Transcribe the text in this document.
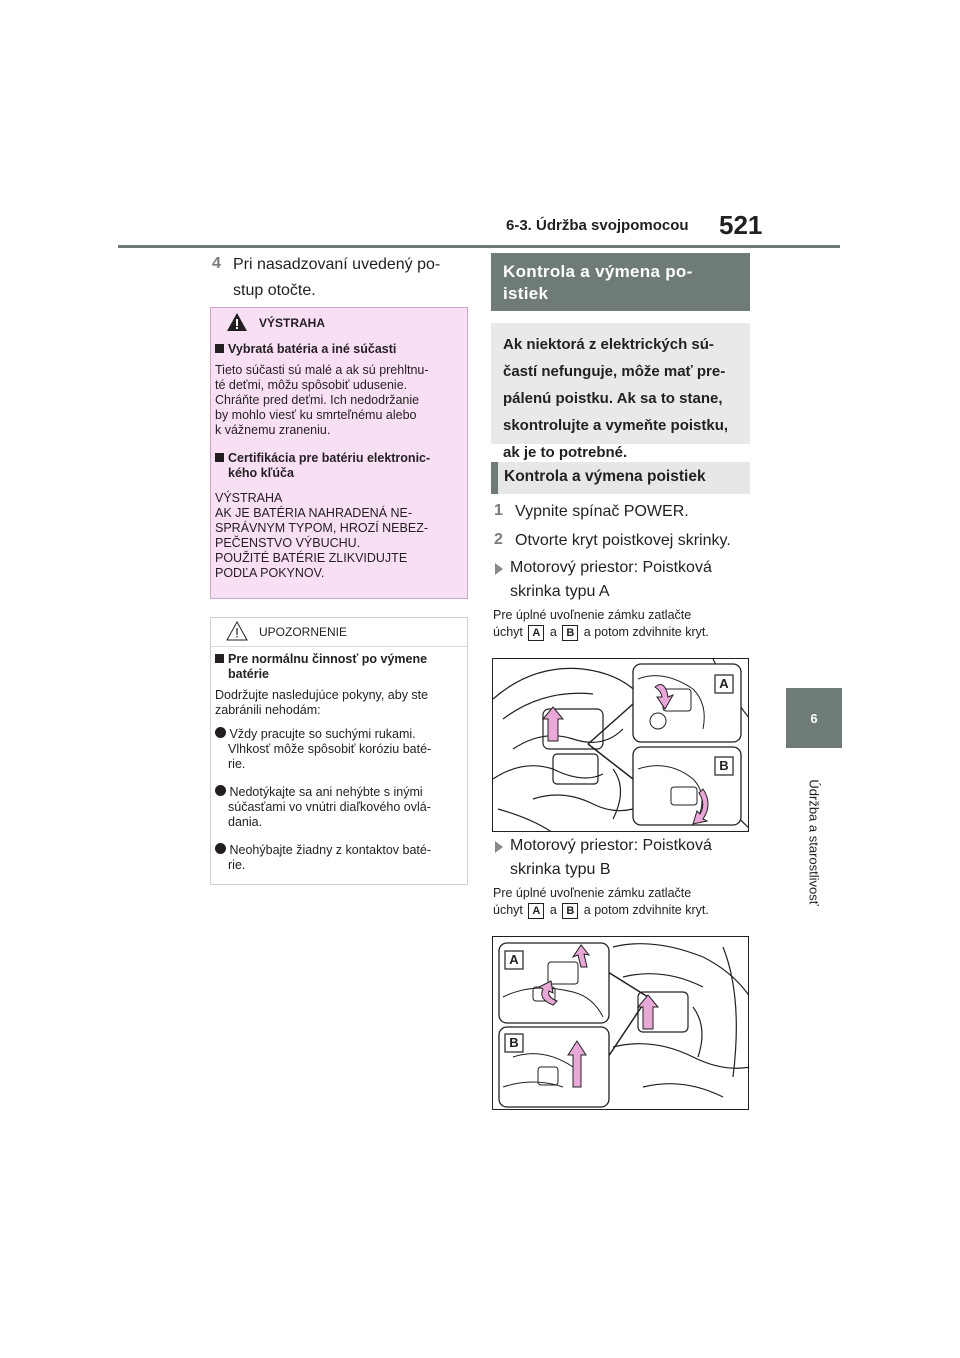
6-3. Údržba svojpomocou 521
6
Údržba a starostlivosť
4 Pri nasadzovaní uvedený po-
stup otočte.
VÝSTRAHA
Vybratá batéria a iné súčasti
Tieto súčasti sú malé a ak sú prehltnu-
té deťmi, môžu spôsobiť udusenie.
Chráňte pred deťmi. Ich nedodržanie
by mohlo viesť ku smrteľnému alebo
k vážnemu zraneniu.
Certifikácia pre batériu elektronic-
kého kľúča
VÝSTRAHA
AK JE BATÉRIA NAHRADENÁ NE-
SPRÁVNYM TYPOM, HROZÍ NEBEZ-
PEČENSTVO VÝBUCHU.
POUŽITÉ BATÉRIE ZLIKVIDUJTE
PODĽA POKYNOV.
UPOZORNENIE
Pre normálnu činnosť po výmene
batérie
Dodržujte nasledujúce pokyny, aby ste
zabránili nehodám:
Vždy pracujte so suchými rukami.
Vlhkosť môže spôsobiť koróziu baté-
rie.
Nedotýkajte sa ani nehýbte s inými
súčasťami vo vnútri diaľkového ovlá-
dania.
Neohýbajte žiadny z kontaktov baté-
rie.
Kontrola a výmena po-
istiek
Ak niektorá z elektrických sú-
častí nefunguje, môže mať pre-
pálenú poistku. Ak sa to stane,
skontrolujte a vymeňte poistku,
ak je to potrebné.
Kontrola a výmena poistiek
1 Vypnite spínač POWER.
2 Otvorte kryt poistkovej skrinky.
Motorový priestor: Poistková
skrinka typu A
Pre úplné uvoľnenie zámku zatlačte
úchyt A a B a potom zdvihnite kryt.
A
B
Motorový priestor: Poistková
skrinka typu B
Pre úplné uvoľnenie zámku zatlačte
úchyt A a B a potom zdvihnite kryt.
A
B
